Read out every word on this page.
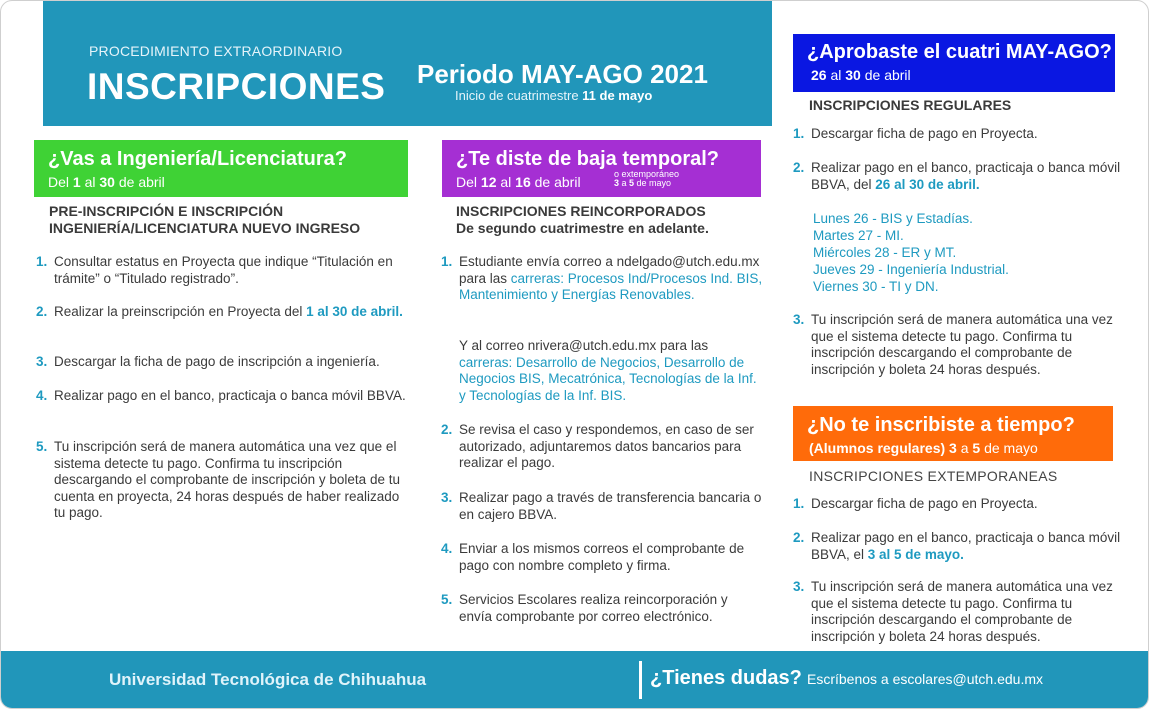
PROCEDIMIENTO EXTRAORDINARIO
INSCRIPCIONES Periodo MAY-AGO 2021
Inicio de cuatrimestre 11 de mayo
¿Vas a Ingeniería/Licenciatura?
Del 1 al 30 de abril
PRE-INSCRIPCIÓN E INSCRIPCIÓN
INGENIERÍA/LICENCIATURA NUEVO INGRESO
1. Consultar estatus en Proyecta que indique “Titulación en trámite” o “Titulado registrado”.
2. Realizar la preinscripción en Proyecta del 1 al 30 de abril.
3. Descargar la ficha de pago de inscripción a ingeniería.
4. Realizar pago en el banco, practicaja o banca móvil BBVA.
5. Tu inscripción será de manera automática una vez que el sistema detecte tu pago. Confirma tu inscripción descargando el comprobante de inscripción y boleta de tu cuenta en proyecta, 24 horas después de haber realizado tu pago.
¿Te diste de baja temporal?
Del 12 al 16 de abril	o extemporáneo
3 a 5 de mayo
INSCRIPCIONES REINCORPORADOS
De segundo cuatrimestre en adelante.
1. Estudiante envía correo a ndelgado@utch.edu.mx para las carreras: Procesos Ind/Procesos Ind. BIS, Mantenimiento y Energías Renovables.
Y al correo nrivera@utch.edu.mx para las carreras: Desarrollo de Negocios, Desarrollo de Negocios BIS, Mecatrónica, Tecnologías de la Inf. y Tecnologías de la Inf. BIS.
2. Se revisa el caso y respondemos, en caso de ser autorizado, adjuntaremos datos bancarios para realizar el pago.
3. Realizar pago a través de transferencia bancaria o en cajero BBVA.
4. Enviar a los mismos correos el comprobante de pago con nombre completo y firma.
5. Servicios Escolares realiza reincorporación y envía comprobante por correo electrónico.
¿Aprobaste el cuatri MAY-AGO?
26 al 30 de abril
INSCRIPCIONES REGULARES
1. Descargar ficha de pago en Proyecta.
2. Realizar pago en el banco, practicaja o banca móvil BBVA, del 26 al 30 de abril.
Lunes 26 - BIS y Estadías.
Martes 27 - MI.
Miércoles 28 - ER y MT.
Jueves 29 - Ingeniería Industrial.
Viernes 30 - TI y DN.
3. Tu inscripción será de manera automática una vez que el sistema detecte tu pago. Confirma tu inscripción descargando el comprobante de inscripción y boleta 24 horas después.
¿No te inscribiste a tiempo?
(Alumnos regulares) 3 a 5 de mayo
INSCRIPCIONES EXTEMPORANEAS
1. Descargar ficha de pago en Proyecta.
2. Realizar pago en el banco, practicaja o banca móvil BBVA, el 3 al 5 de mayo.
3. Tu inscripción será de manera automática una vez que el sistema detecte tu pago. Confirma tu inscripción descargando el comprobante de inscripción y boleta 24 horas después.
Universidad Tecnológica de Chihuahua	¿Tienes dudas? Escríbenos a escolares@utch.edu.mx
